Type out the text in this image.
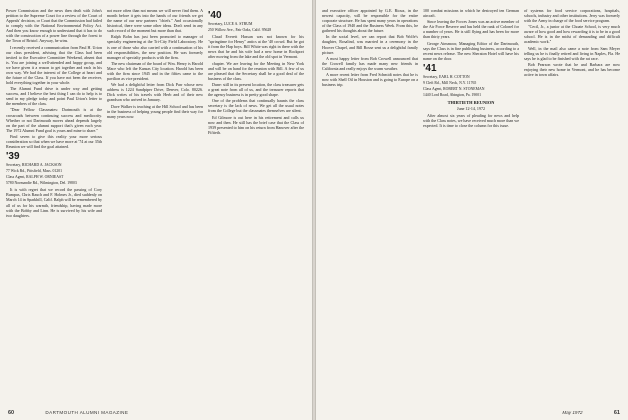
Power Commission and the news then dealt with John's petition to the Supreme Court for a review of the Court of Appeals' decision, or Court that the Commission had failed to comply with the National Environmental Policy Act. And then you know enough to understand that it has to do with the construction of a power line through the forest to the Town of Bristol. Anyway, he wins.

I recently received a communication from Paul H. Urion our class president, advising that the Class had been invited to the Executive Committee Weekend, absent that is. You are joining a well-attended and happy group, and we have given it a reason to get together and each in his own way. We had the interest of the College at heart and the future of the Class. If you have not been the receiver, hold everything together in your whole.

The Alumni Fund drive is under way and getting success, and I believe the best thing I can do to help is to send in my pledge today and point Paul Urion's letter to the members of the class.

"Dear Fellow Classmates: Dartmouth is at the crossroads between continuing success and mediocrity. Whether or not Dartmouth moves ahead depends largely on the part of the alumni support that's given each year. The 1972 Alumni Fund goal is yours and mine to share."

Find seven to give this reality your more serious consideration so that when we have more at '74 at our 35th Reunion we will find the goal attained.

'39
Secretary, RICHARD A. JACKSON
77 Wick Rd., Pittsfield, Mass. 01201
Class Agent, RALPH W. ORNIEAST
5780 Normandie Rd., Wilmington, Del. 19803

It is with regret that we record the passing of Cory Bumpus, Chris Rauch and F. Holmes Jr., died suddenly on March 14 in Sparkhill, Calif. Ralph will be remembered by all of us for his warmth, friendship, having made more with the Bobby and Linn. He is survived by his wife and two daughters.

not more often than not means we will never find them. A month before it gets into the hands of our friends we get the name of our new partners "chiefs." And occasionally historical, there were some other ideas. Don't send in any such record of the moment but more than that.

Ralph Bohn has just been promoted to manager of specialty engineering at the Tri-City Field Laboratory. He is one of those who also carried with a continuation of his old responsibilities, the new position. He was formerly manager of specialty products with the firm.

The new chairman of the board of Wm. Henry is Harold Mace who left the Kansas City location. Harold has been with the firm since 1945 and in the fifties came to the pavilion as vice president.

We had a delightful letter from Dick Parr whose new address is 1224 Sandpiper Drive, Denver, Colo. 80226. Dick writes of his travels with Herb and of their new grandson who arrived in January.

Dave Walker is teaching at the Hill School and has been in the business of helping young people find their way for many years now.

'40
Secretary, LUCE A. STRUM
250 Willow Ave., Fair Oaks, Calif. 95628

Claud Everett Hassan was not known for his "springtime for Henry" antics at the '40 crowd. But he got it from the Hap boys. Bill White was right in there with the news that he and his wife had a new home in Rockport after moving from the lake and the old spot in Vermont.

chapter. We are leaving for the Meeting in New York and will be on hand for the reunion with Bill. A few of us are pleased that the Secretary shall be a good deal of the business of the class.

Dune: still in its present location, the class treasurer gets a great note from all of us, and the treasurer reports that the agency business is in pretty good shape.

One of the problems that continually haunts the class secretary is the lack of news. We get all the usual notes from the College but the classmates themselves are silent.

Ed Gilmore is out here in his retirement and calls us now and then. He still has the brief case that the Class of 1939 presented to him on his return from Hanover after the Fiftieth.

60	DARTMOUTH ALUMNI MAGAZINE

and executive officer appointed by G.E. Rioux, in the newest capacity, will be responsible for the entire corporate structure. He has spent many years in operations of the Class of 1940 and the Business Week. From this, he gathered his thoughts about the future.

In the social level, we can report that Bob Wolfe's daughter, Rosalind, was married in a ceremony in the Hoover Chapel, and Bill Bosse sent us a delightful family picture.

A most happy letter from Bob Crowell announced that the Crowell family has made many new friends in California and really enjoys the warm weather.

A more recent letter from Fred Schmidt notes that he is now with Shell Oil in Houston and is going to Europe on a business trip.

100 combat missions in which he destroyed ten German aircraft.

Since leaving the Forces Jones was an active member of the Air Force Reserve and has held the rank of Colonel for a number of years. He is still flying and has been for more than thirty years.

George Ainsmoor, Managing Editor of the Dartmouth, says the Class is in fine publishing business, according to a recent news release. The new Sheraton Hotel will have his name on the door.

'41
Secretary, EARL H. COTTON
9 Cleft Rd., Mill Neck, N.Y. 11765
Class Agent, ROBERT N. STONEMAN
1440 Lord Road, Abington, Pa. 19001
THIRTIETH REUNION
June 12-14, 1972

After almost six years of pleading for news and help with the Class notes, we have received much more than we expected. It is time to close the column for this issue.

of systems for food service corporations, hospitals, schools, industry and other institutions. Jerry was formerly with the Army in charge of the food service program.

"Cecil, Jr., a junior at the Choate School, is very much aware of how good and how rewarding it is to be in a good school. He is in the midst of demanding and difficult academic work."

Well, in the mail also came a note from Sam Meyer telling us he is finally retired and living in Naples, Fla. He says he is glad to be finished with the rat race.

Bob Pearson wrote that he and Barbara are now enjoying their new home in Vermont, and he has become active in town affairs.

May 1972	61
